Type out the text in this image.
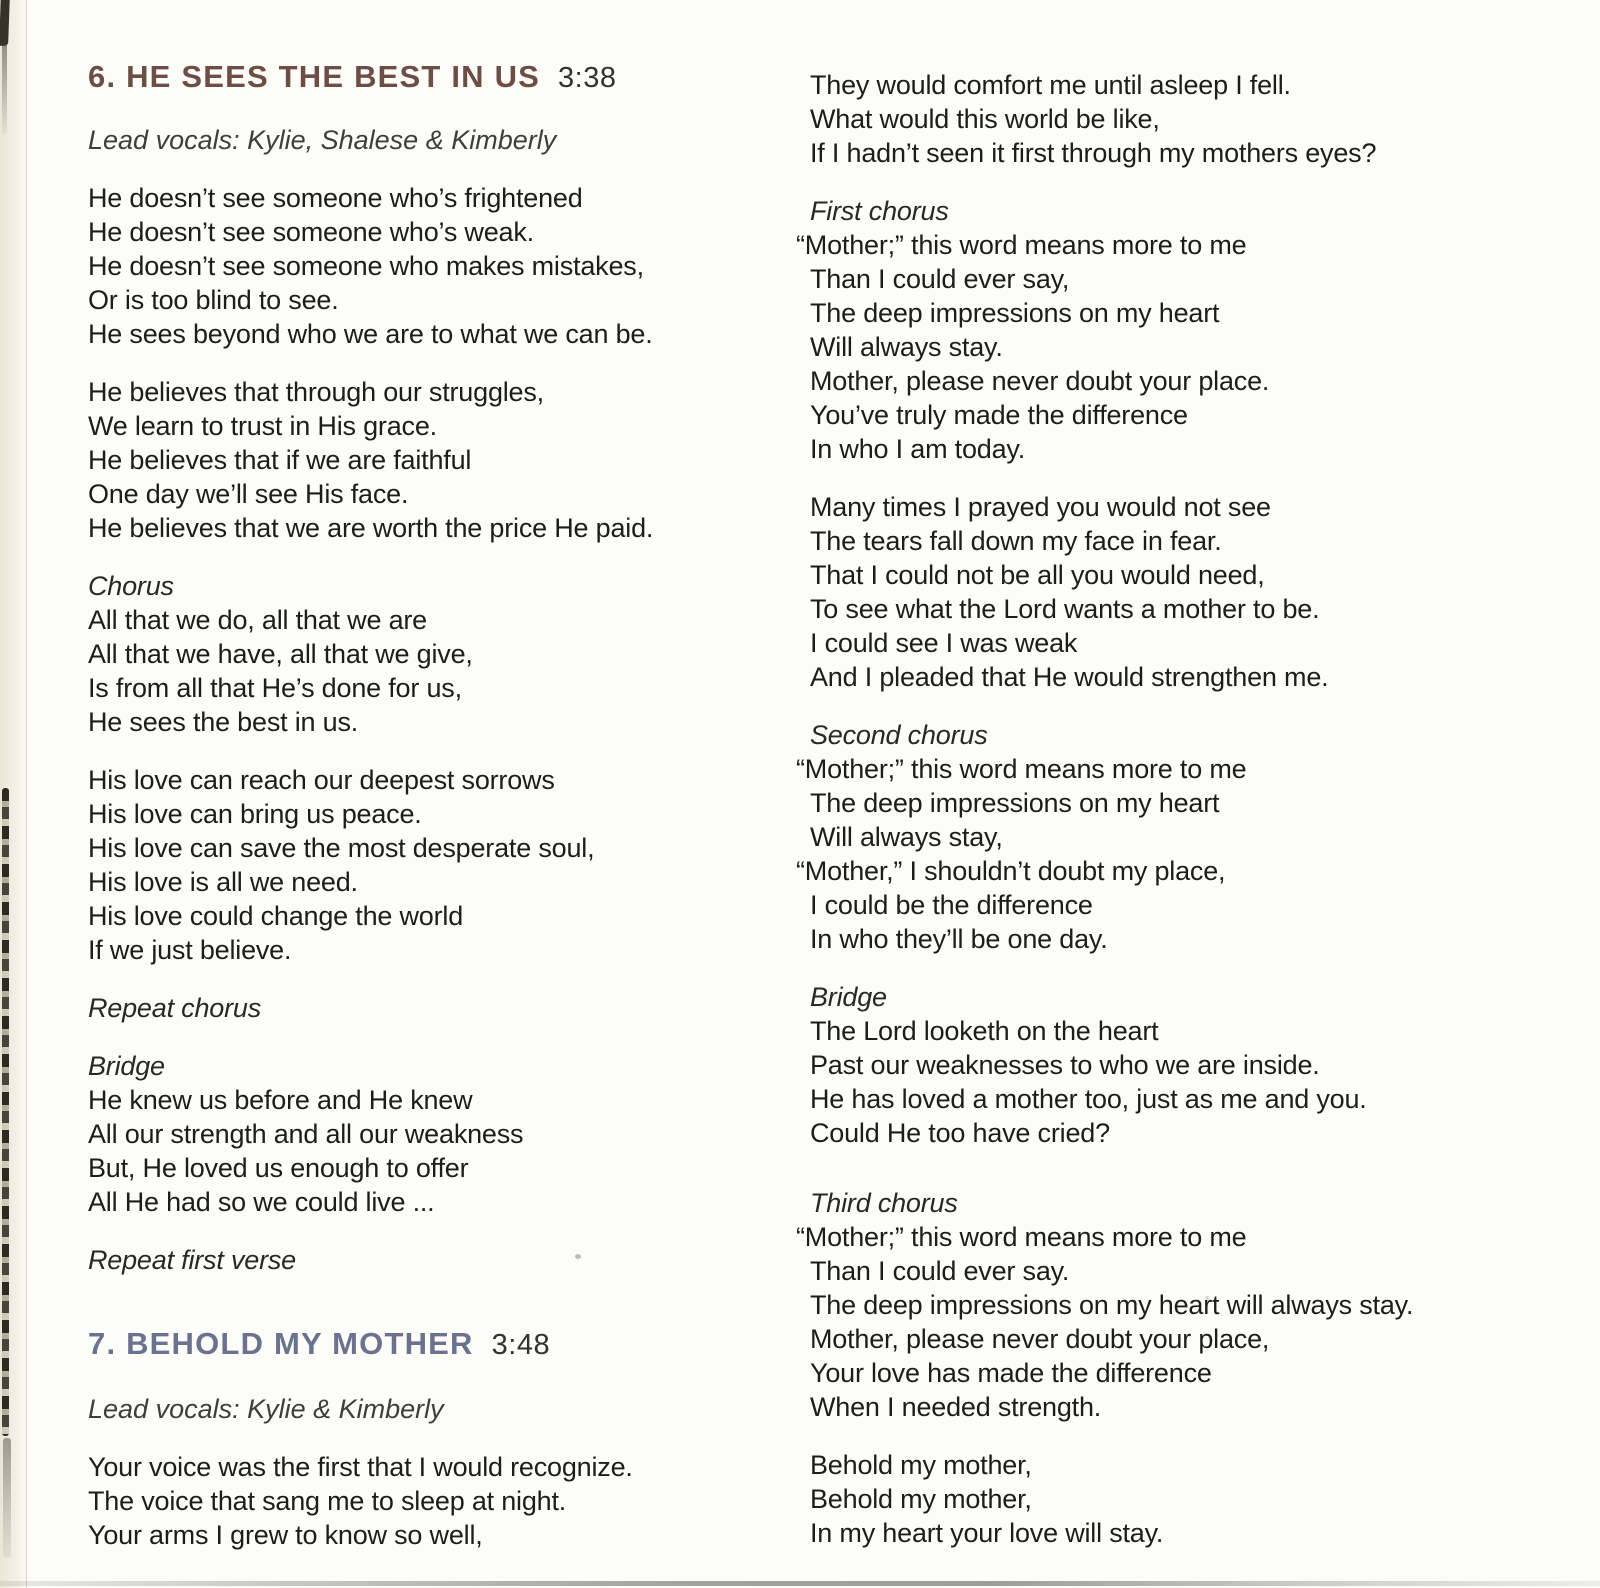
6. HE SEES THE BEST IN US 3:38
Lead vocals: Kylie, Shalese & Kimberly
He doesn’t see someone who’s frightened
He doesn’t see someone who’s weak.
He doesn’t see someone who makes mistakes,
Or is too blind to see.
He sees beyond who we are to what we can be.
He believes that through our struggles,
We learn to trust in His grace.
He believes that if we are faithful
One day we’ll see His face.
He believes that we are worth the price He paid.
Chorus
All that we do, all that we are
All that we have, all that we give,
Is from all that He’s done for us,
He sees the best in us.
His love can reach our deepest sorrows
His love can bring us peace.
His love can save the most desperate soul,
His love is all we need.
His love could change the world
If we just believe.
Repeat chorus
Bridge
He knew us before and He knew
All our strength and all our weakness
But, He loved us enough to offer
All He had so we could live ...
Repeat first verse
7. BEHOLD MY MOTHER 3:48
Lead vocals: Kylie & Kimberly
Your voice was the first that I would recognize.
The voice that sang me to sleep at night.
Your arms I grew to know so well,
They would comfort me until asleep I fell.
What would this world be like,
If I hadn’t seen it first through my mothers eyes?
First chorus
“Mother;” this word means more to me
Than I could ever say,
The deep impressions on my heart
Will always stay.
Mother, please never doubt your place.
You’ve truly made the difference
In who I am today.
Many times I prayed you would not see
The tears fall down my face in fear.
That I could not be all you would need,
To see what the Lord wants a mother to be.
I could see I was weak
And I pleaded that He would strengthen me.
Second chorus
“Mother;” this word means more to me
The deep impressions on my heart
Will always stay,
“Mother,” I shouldn’t doubt my place,
I could be the difference
In who they’ll be one day.
Bridge
The Lord looketh on the heart
Past our weaknesses to who we are inside.
He has loved a mother too, just as me and you.
Could He too have cried?
Third chorus
“Mother;” this word means more to me
Than I could ever say.
The deep impressions on my heart will always stay.
Mother, please never doubt your place,
Your love has made the difference
When I needed strength.
Behold my mother,
Behold my mother,
In my heart your love will stay.
